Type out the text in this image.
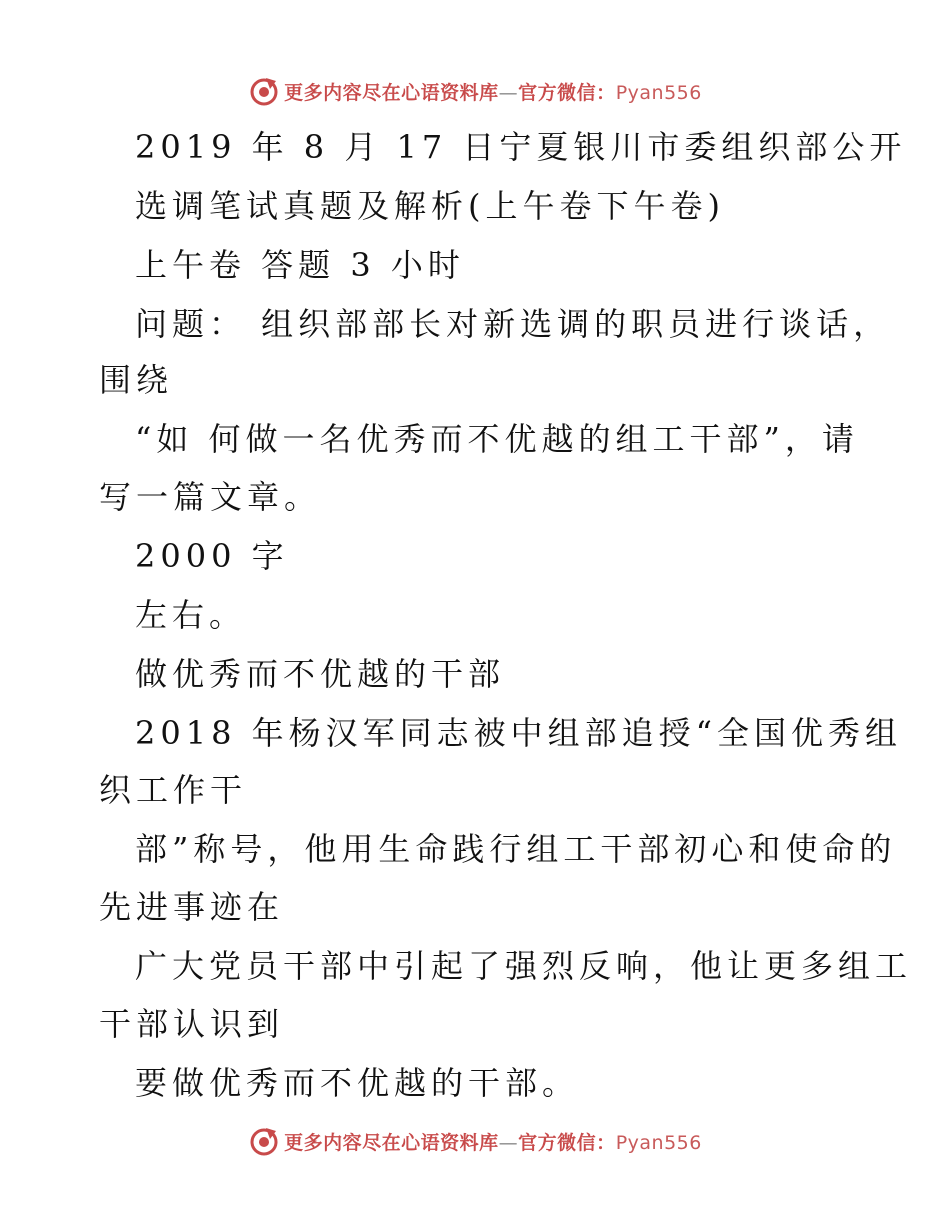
更多内容尽在心语资料库—官方微信：Pyan556
2019 年 8 月 17 日宁夏银川市委组织部公开
选调笔试真题及解析(上午卷下午卷)
上午卷 答题 3 小时
问题： 组织部部长对新选调的职员进行谈话，
围绕
“如 何做一名优秀而不优越的组工干部”，请
写一篇文章。
2000 字
左右。
做优秀而不优越的干部
2018 年杨汉军同志被中组部追授“全国优秀组
织工作干
部”称号，他用生命践行组工干部初心和使命的
先进事迹在
广大党员干部中引起了强烈反响，他让更多组工
干部认识到
要做优秀而不优越的干部。
更多内容尽在心语资料库—官方微信：Pyan556
